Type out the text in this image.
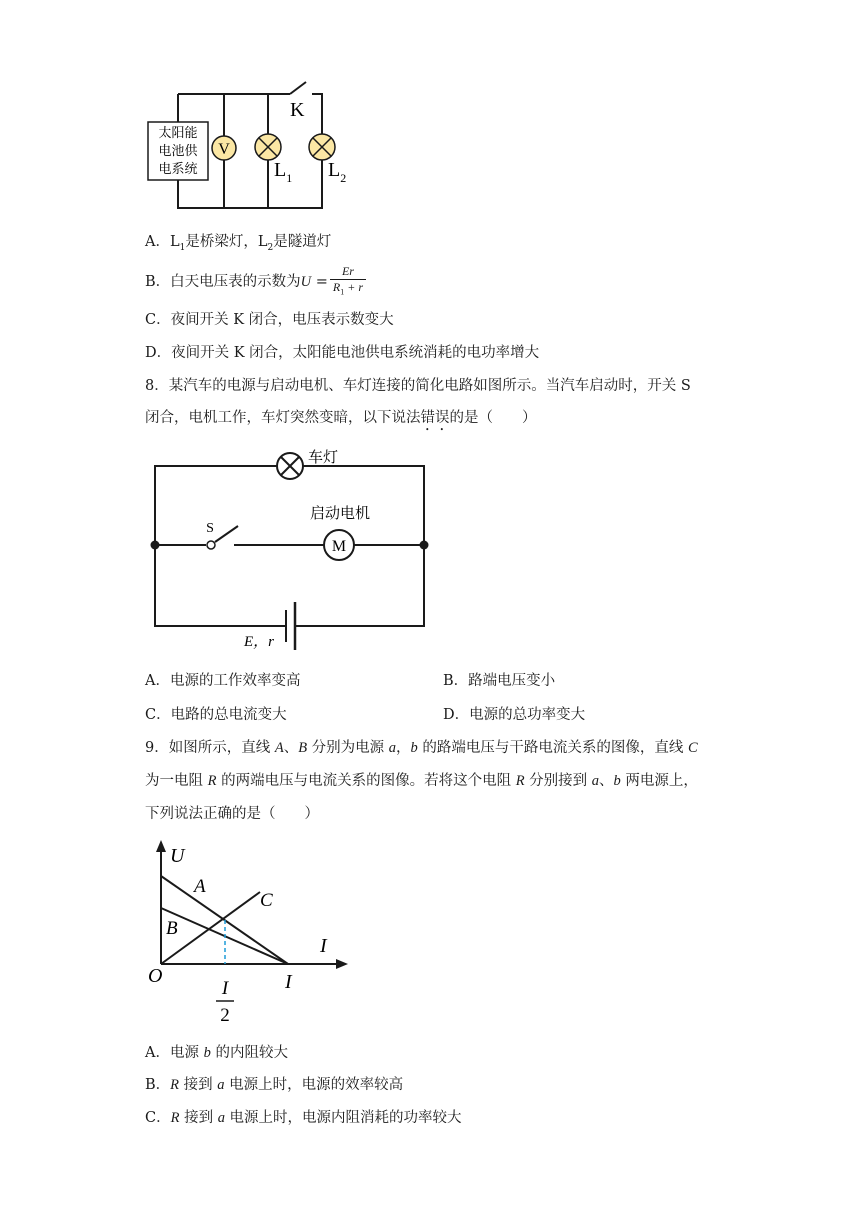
太阳能
电池供
电系统
V
K
$L_1$ $L_2$
A．$L_1$是桥梁灯，$L_2$是隧道灯
B．白天电压表的示数为$U = \frac{Er}{R_1 + r}$
C．夜间开关 K 闭合，电压表示数变大
D．夜间开关 K 闭合，太阳能电池供电系统消耗的电功率增大
8．某汽车的电源与启动电机、车灯连接的简化电路如图所示。当汽车启动时，开关 S
闭合，电机工作，车灯突然变暗，以下说法错误的是（　　）
M
车灯
启动电机
S
E，r
A．电源的工作效率变高	B．路端电压变小
C．电路的总电流变大	D．电源的总功率变大
9．如图所示，直线 A、B 分别为电源 a，b 的路端电压与干路电流关系的图像，直线 C
为一电阻 R 的两端电压与电流关系的图像。若将这个电阻 R 分别接到 a、b 两电源上，
下列说法正确的是（　　）
U
I
O
A
B
C
I
I
2
A．电源 b 的内阻较大
B．R 接到 a 电源上时，电源的效率较高
C．R 接到 a 电源上时，电源内阻消耗的功率较大
